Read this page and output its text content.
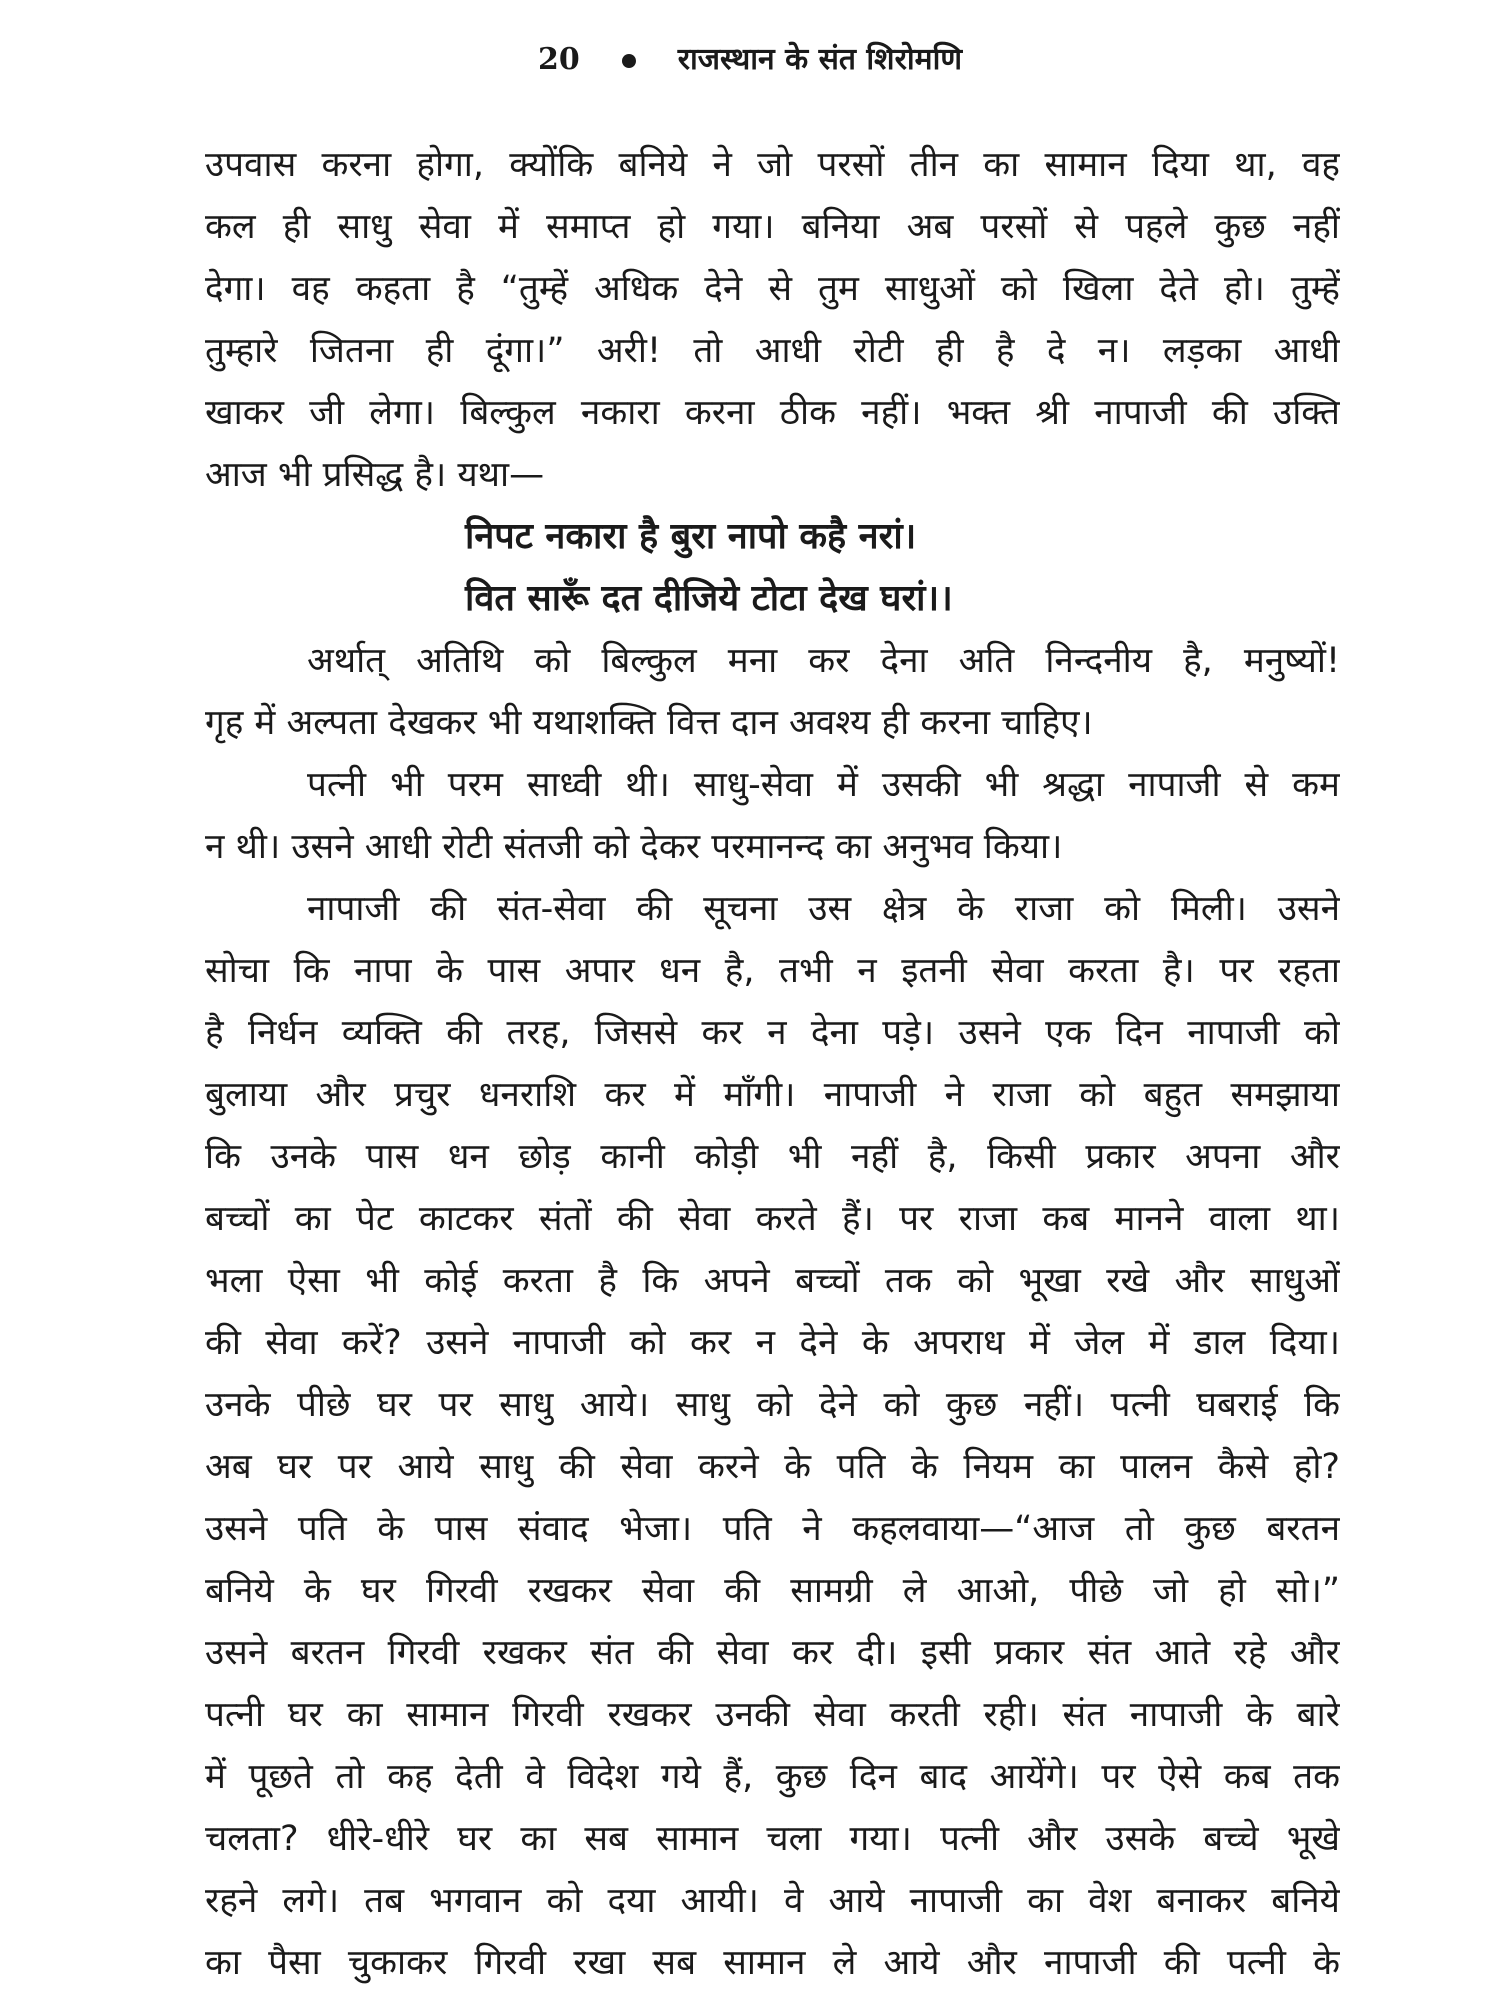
20	राजस्थान के संत शिरोमणि
उपवास करना होगा, क्योंकि बनिये ने जो परसों तीन का सामान दिया था, वह
कल ही साधु सेवा में समाप्त हो गया। बनिया अब परसों से पहले कुछ नहीं
देगा। वह कहता है “तुम्हें अधिक देने से तुम साधुओं को खिला देते हो। तुम्हें
तुम्हारे जितना ही दूंगा।” अरी! तो आधी रोटी ही है दे न। लड़का आधी
खाकर जी लेगा। बिल्कुल नकारा करना ठीक नहीं। भक्त श्री नापाजी की उक्ति
आज भी प्रसिद्ध है। यथा—
निपट नकारा है बुरा नापो कहै नरां।
वित सारूँ दत दीजिये टोटा देख घरां।।
अर्थात् अतिथि को बिल्कुल मना कर देना अति निन्दनीय है, मनुष्यों!
गृह में अल्पता देखकर भी यथाशक्ति वित्त दान अवश्य ही करना चाहिए।
पत्नी भी परम साध्वी थी। साधु-सेवा में उसकी भी श्रद्धा नापाजी से कम
न थी। उसने आधी रोटी संतजी को देकर परमानन्द का अनुभव किया।
नापाजी की संत-सेवा की सूचना उस क्षेत्र के राजा को मिली। उसने
सोचा कि नापा के पास अपार धन है, तभी न इतनी सेवा करता है। पर रहता
है निर्धन व्यक्ति की तरह, जिससे कर न देना पड़े। उसने एक दिन नापाजी को
बुलाया और प्रचुर धनराशि कर में माँगी। नापाजी ने राजा को बहुत समझाया
कि उनके पास धन छोड़ कानी कोड़ी भी नहीं है, किसी प्रकार अपना और
बच्चों का पेट काटकर संतों की सेवा करते हैं। पर राजा कब मानने वाला था।
भला ऐसा भी कोई करता है कि अपने बच्चों तक को भूखा रखे और साधुओं
की सेवा करें? उसने नापाजी को कर न देने के अपराध में जेल में डाल दिया।
उनके पीछे घर पर साधु आये। साधु को देने को कुछ नहीं। पत्नी घबराई कि
अब घर पर आये साधु की सेवा करने के पति के नियम का पालन कैसे हो?
उसने पति के पास संवाद भेजा। पति ने कहलवाया—“आज तो कुछ बरतन
बनिये के घर गिरवी रखकर सेवा की सामग्री ले आओ, पीछे जो हो सो।”
उसने बरतन गिरवी रखकर संत की सेवा कर दी। इसी प्रकार संत आते रहे और
पत्नी घर का सामान गिरवी रखकर उनकी सेवा करती रही। संत नापाजी के बारे
में पूछते तो कह देती वे विदेश गये हैं, कुछ दिन बाद आयेंगे। पर ऐसे कब तक
चलता? धीरे-धीरे घर का सब सामान चला गया। पत्नी और उसके बच्चे भूखे
रहने लगे। तब भगवान को दया आयी। वे आये नापाजी का वेश बनाकर बनिये
का पैसा चुकाकर गिरवी रखा सब सामान ले आये और नापाजी की पत्नी के
